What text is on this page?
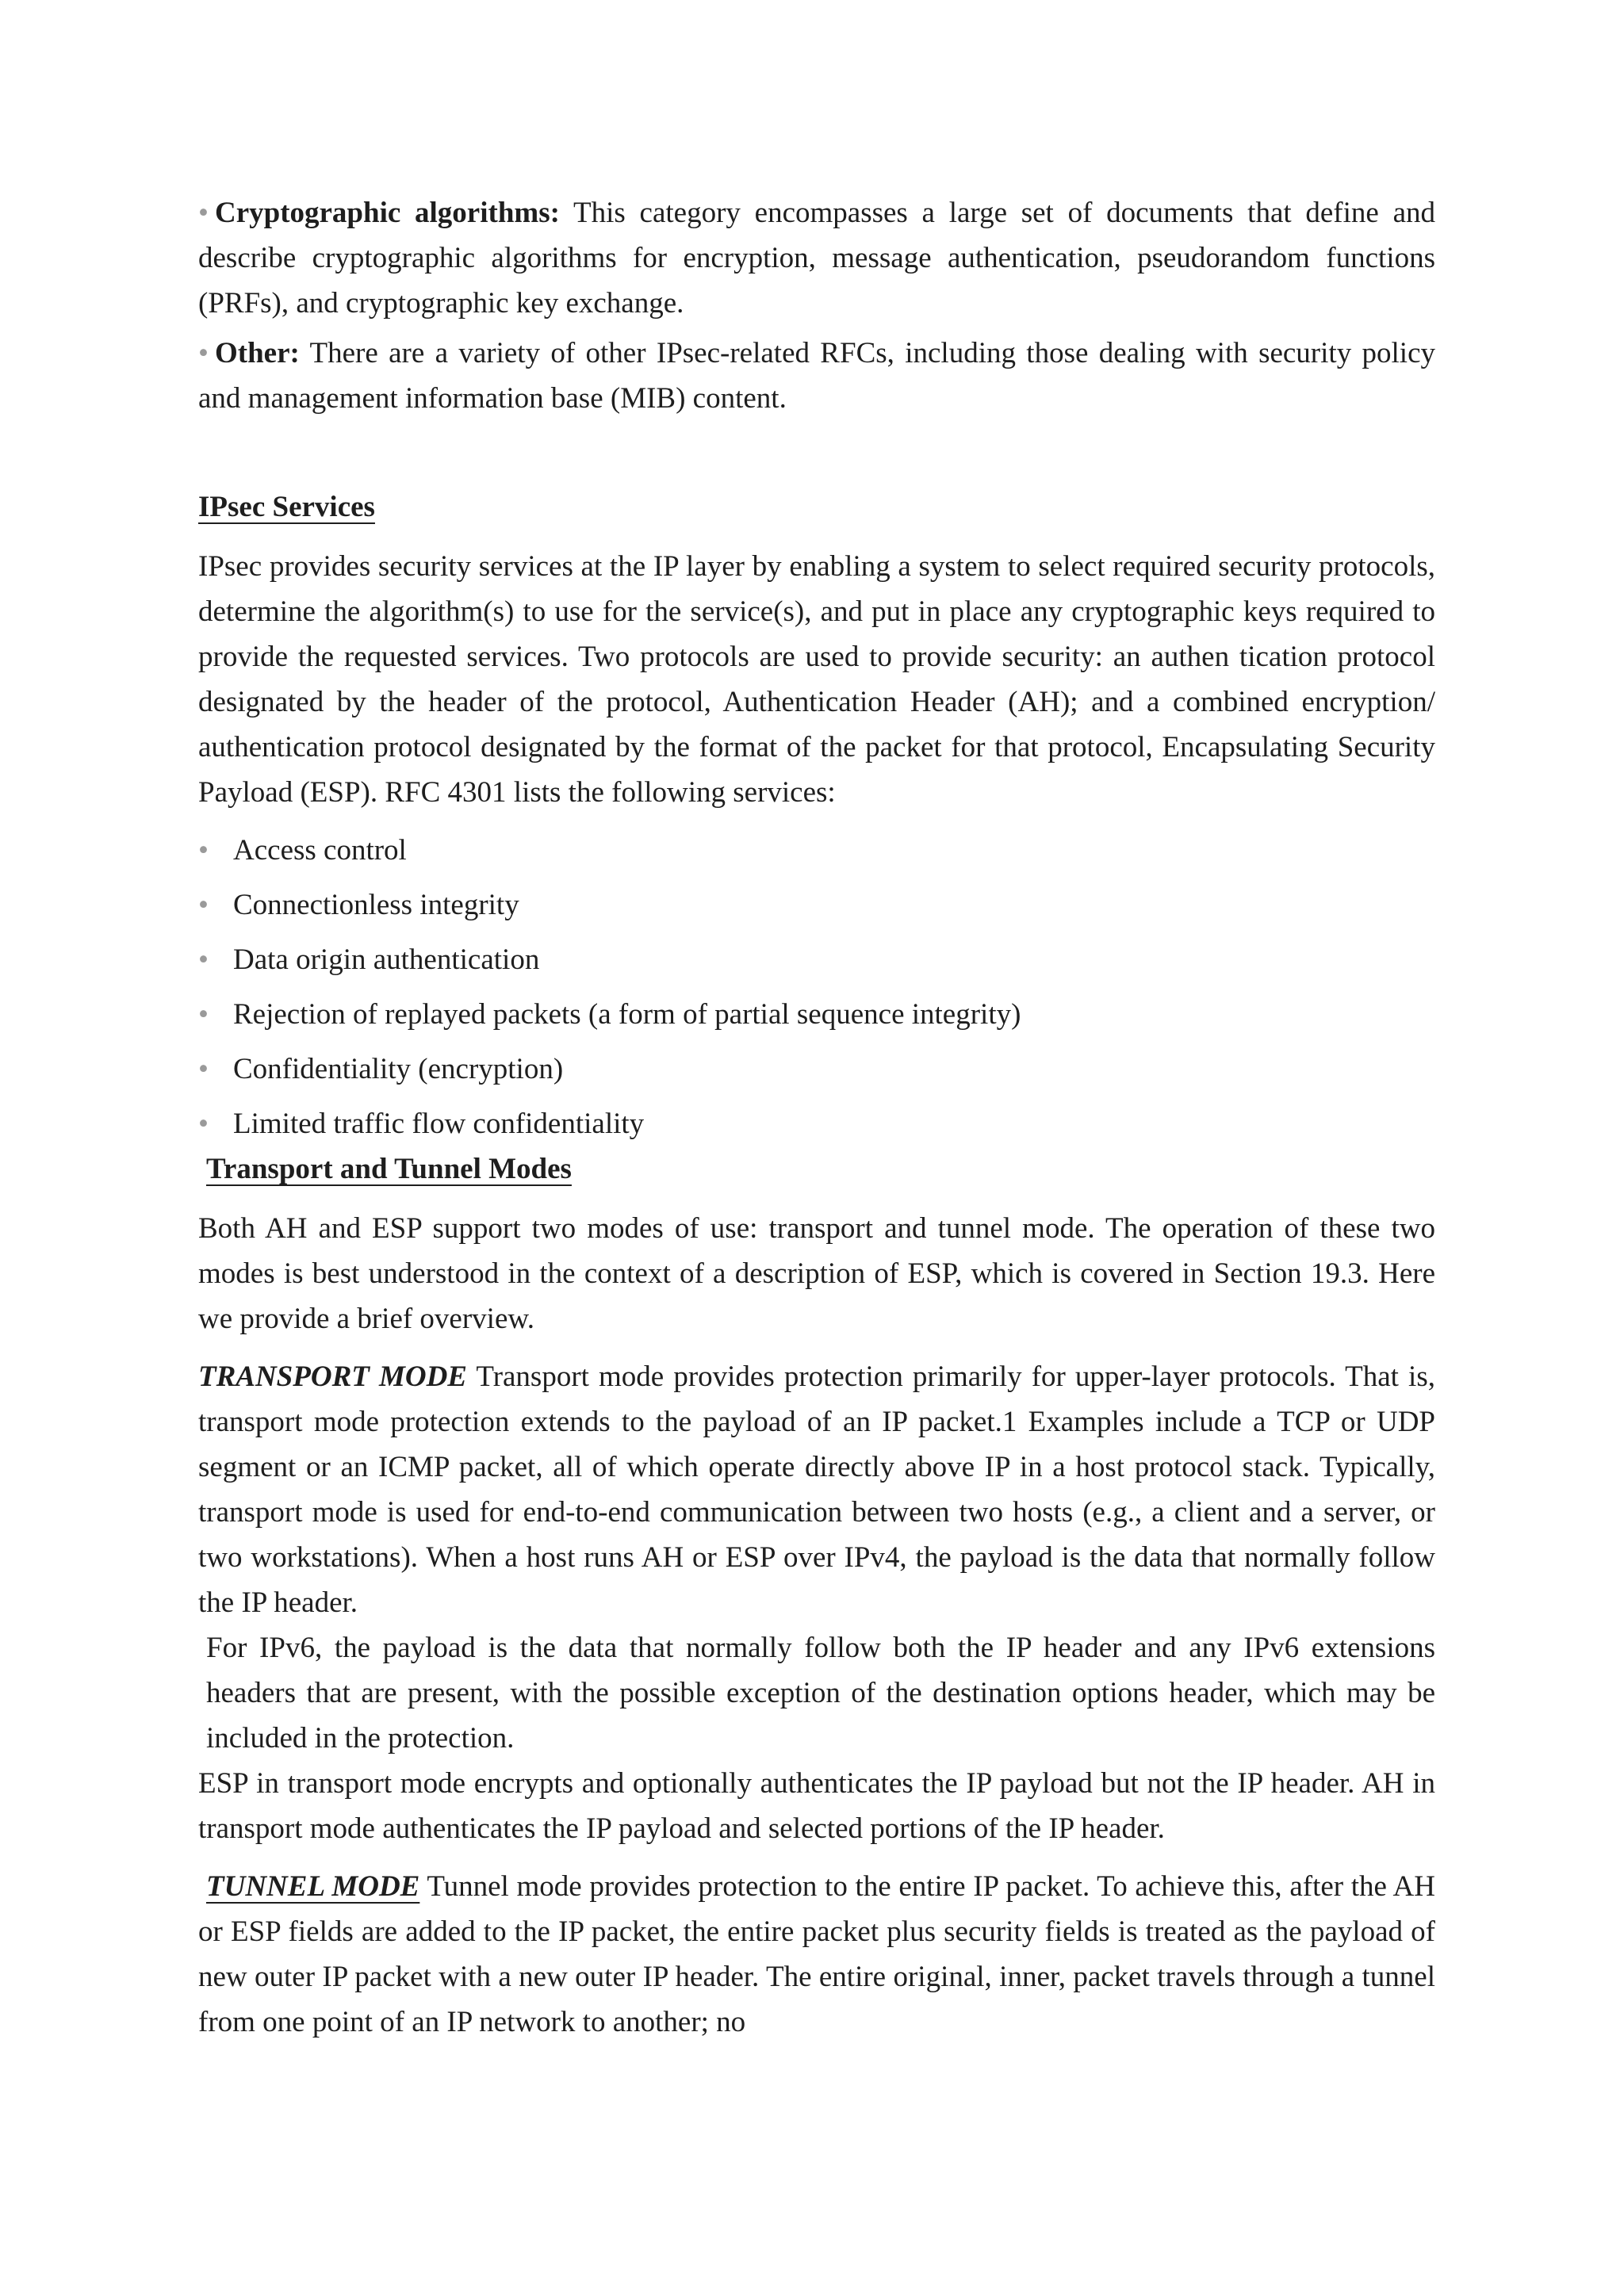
• Cryptographic algorithms: This category encompasses a large set of documents that define and describe cryptographic algorithms for encryption, message authentication, pseudorandom functions (PRFs), and cryptographic key exchange.

• Other: There are a variety of other IPsec-related RFCs, including those dealing with security policy and management information base (MIB) content.

IPsec Services

IPsec provides security services at the IP layer by enabling a system to select required security protocols, determine the algorithm(s) to use for the service(s), and put in place any cryptographic keys required to provide the requested services. Two protocols are used to provide security: an authen tication protocol designated by the header of the protocol, Authentication Header (AH); and a combined encryption/ authentication protocol designated by the format of the packet for that protocol, Encapsulating Security Payload (ESP). RFC 4301 lists the following services:

• Access control
• Connectionless integrity
• Data origin authentication
• Rejection of replayed packets (a form of partial sequence integrity)
• Confidentiality (encryption)
• Limited traffic flow confidentiality

Transport and Tunnel Modes

Both AH and ESP support two modes of use: transport and tunnel mode. The operation of these two modes is best understood in the context of a description of ESP, which is covered in Section 19.3. Here we provide a brief overview.

TRANSPORT MODE Transport mode provides protection primarily for upper-layer protocols. That is, transport mode protection extends to the payload of an IP packet.1 Examples include a TCP or UDP segment or an ICMP packet, all of which operate directly above IP in a host protocol stack. Typically, transport mode is used for end-to-end communication between two hosts (e.g., a client and a server, or two workstations). When a host runs AH or ESP over IPv4, the payload is the data that normally follow the IP header.

For IPv6, the payload is the data that normally follow both the IP header and any IPv6 extensions headers that are present, with the possible exception of the destination options header, which may be included in the protection.

ESP in transport mode encrypts and optionally authenticates the IP payload but not the IP header. AH in transport mode authenticates the IP payload and selected portions of the IP header.

TUNNEL MODE Tunnel mode provides protection to the entire IP packet. To achieve this, after the AH or ESP fields are added to the IP packet, the entire packet plus security fields is treated as the payload of new outer IP packet with a new outer IP header. The entire original, inner, packet travels through a tunnel from one point of an IP network to another; no
